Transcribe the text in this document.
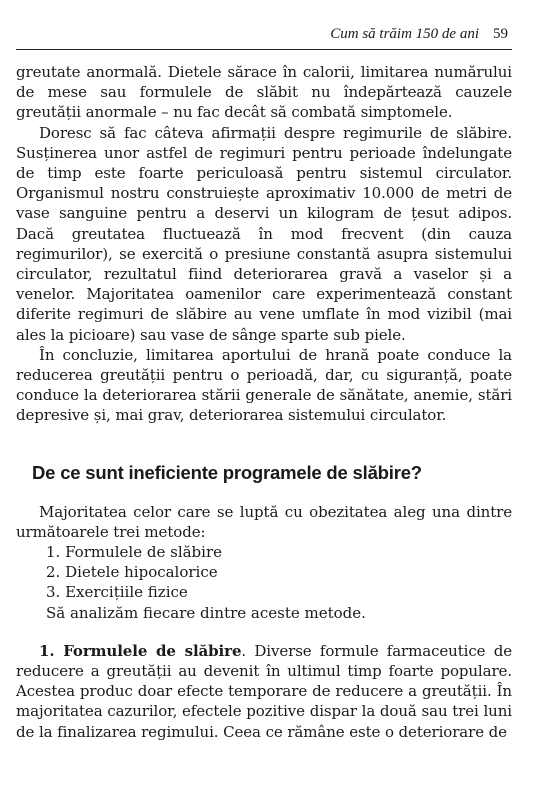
Cum să trăim 150 de ani 59

greutate anormală. Dietele sărace în calorii, limitarea numărului de mese sau formulele de slăbit nu îndepărtează cauzele greutății anormale – nu fac decât să combată simptomele.

Doresc să fac câteva afirmații despre regimurile de slăbire. Susținerea unor astfel de regimuri pentru perioade îndelungate de timp este foarte periculoasă pentru sistemul circulator. Organismul nostru construiește aproximativ 10.000 de metri de vase sanguine pentru a deservi un kilogram de țesut adipos. Dacă greutatea fluctuează în mod frecvent (din cauza regimurilor), se exercită o presiune constantă asupra sistemului circulator, rezultatul fiind deteriorarea gravă a vaselor și a venelor. Majoritatea oamenilor care experimentează constant diferite regimuri de slăbire au vene umflate în mod vizibil (mai ales la picioare) sau vase de sânge sparte sub piele.

În concluzie, limitarea aportului de hrană poate conduce la reducerea greutății pentru o perioadă, dar, cu siguranță, poate conduce la deteriorarea stării generale de sănătate, anemie, stări depresive și, mai grav, deteriorarea sistemului circulator.

De ce sunt ineficiente programele de slăbire?

Majoritatea celor care se luptă cu obezitatea aleg una dintre următoarele trei metode:

1. Formulele de slăbire
2. Dietele hipocalorice
3. Exercițiile fizice
Să analizăm fiecare dintre aceste metode.

1. Formulele de slăbire. Diverse formule farmaceutice de reducere a greutății au devenit în ultimul timp foarte populare. Acestea produc doar efecte temporare de reducere a greutății. În majoritatea cazurilor, efectele pozitive dispar la două sau trei luni de la finalizarea regimului. Ceea ce rămâne este o deteriorare de
